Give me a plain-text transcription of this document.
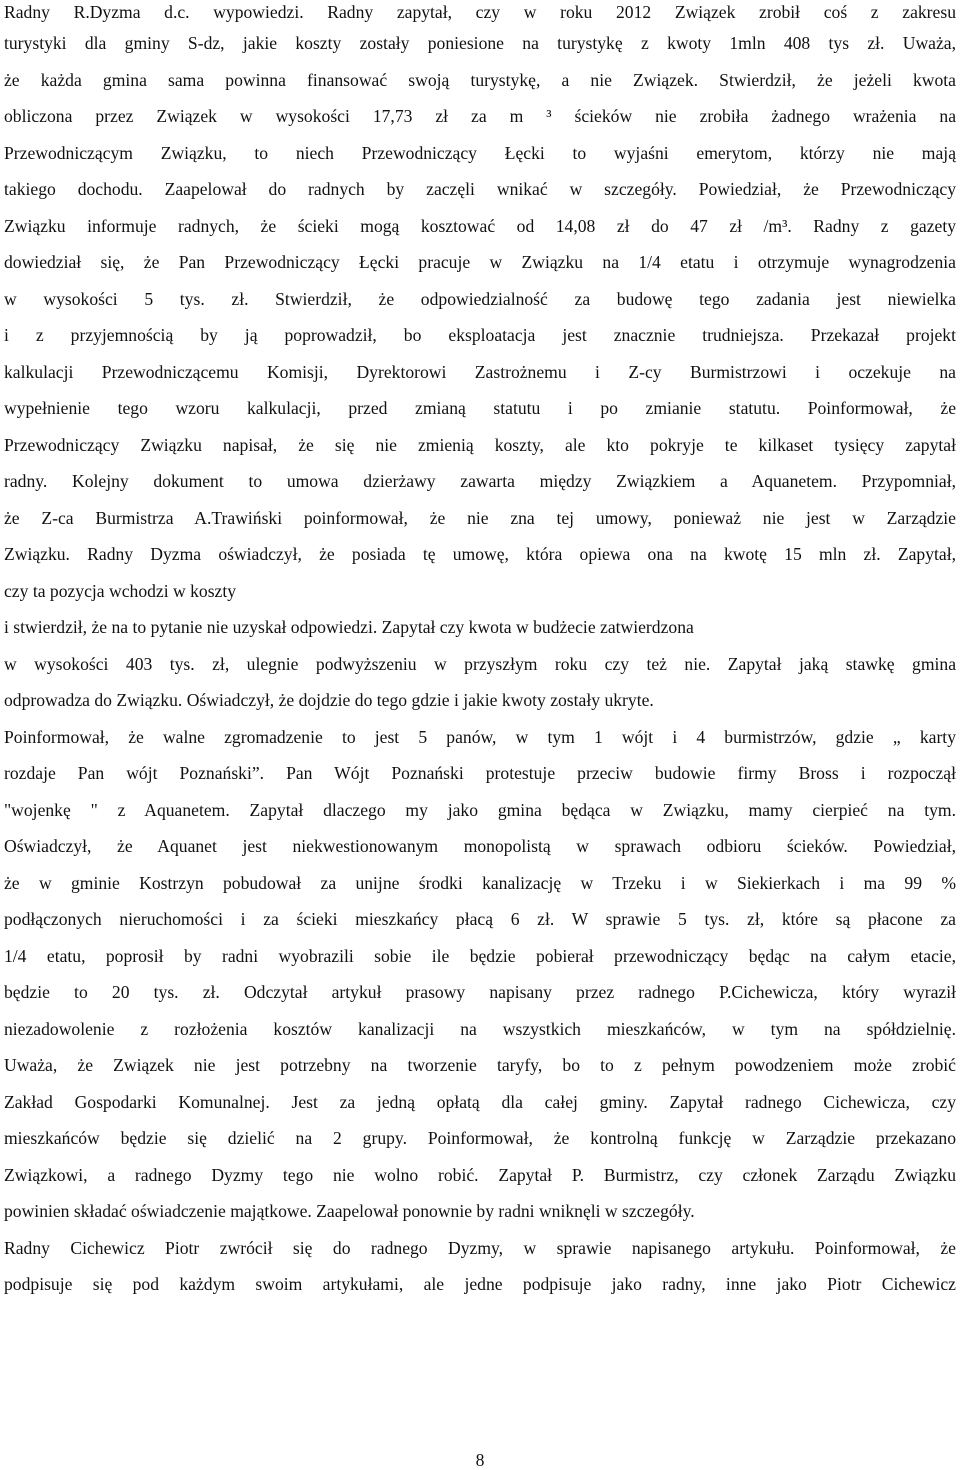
Radny R.Dyzma d.c. wypowiedzi. Radny zapytał, czy w roku 2012 Związek zrobił coś z zakresu
turystyki dla gminy S-dz, jakie koszty zostały poniesione na turystykę z kwoty 1mln 408 tys zł. Uważa,
że każda gmina sama powinna finansować swoją turystykę, a nie Związek. Stwierdził, że jeżeli kwota
obliczona przez Związek w wysokości 17,73 zł za m ³ ścieków nie zrobiła żadnego wrażenia na
Przewodniczącym Związku, to niech Przewodniczący Łęcki to wyjaśni emerytom, którzy nie mają
takiego dochodu. Zaapelował do radnych by zaczęli wnikać w szczegóły. Powiedział, że Przewodniczący
Związku informuje radnych, że ścieki mogą kosztować od 14,08 zł do 47 zł /m³. Radny z gazety
dowiedział się, że Pan Przewodniczący Łęcki pracuje w Związku na 1/4 etatu i otrzymuje wynagrodzenia
w wysokości 5 tys. zł. Stwierdził, że odpowiedzialność za budowę tego zadania jest niewielka
i z przyjemnością by ją poprowadził, bo eksploatacja jest znacznie trudniejsza. Przekazał projekt
kalkulacji Przewodniczącemu Komisji, Dyrektorowi Zastrożnemu i Z-cy Burmistrzowi i oczekuje na
wypełnienie tego wzoru kalkulacji, przed zmianą statutu i po zmianie statutu. Poinformował, że
Przewodniczący Związku napisał, że się nie zmienią koszty, ale kto pokryje te kilkaset tysięcy zapytał
radny. Kolejny dokument to umowa dzierżawy zawarta między Związkiem a Aquanetem. Przypomniał,
że Z-ca Burmistrza A.Trawiński poinformował, że nie zna tej umowy, ponieważ nie jest w Zarządzie
Związku. Radny Dyzma oświadczył, że posiada tę umowę, która opiewa ona na kwotę 15 mln zł. Zapytał,
czy ta pozycja wchodzi w koszty
i stwierdził, że na to pytanie nie uzyskał odpowiedzi. Zapytał czy kwota w budżecie zatwierdzona
w wysokości 403 tys. zł, ulegnie podwyższeniu w przyszłym roku czy też nie. Zapytał jaką stawkę gmina
odprowadza do Związku. Oświadczył, że dojdzie do tego gdzie i jakie kwoty zostały ukryte.
Poinformował, że walne zgromadzenie to jest 5 panów, w tym 1 wójt i 4 burmistrzów, gdzie „ karty
rozdaje Pan wójt Poznański”. Pan Wójt Poznański protestuje przeciw budowie firmy Bross i rozpoczął
"wojenkę " z Aquanetem. Zapytał dlaczego my jako gmina będąca w Związku, mamy cierpieć na tym.
Oświadczył, że Aquanet jest niekwestionowanym monopolistą w sprawach odbioru ścieków. Powiedział,
że w gminie Kostrzyn pobudował za unijne środki kanalizację w Trzeku i w Siekierkach i ma 99 %
podłączonych nieruchomości i za ścieki mieszkańcy płacą 6 zł. W sprawie 5 tys. zł, które są płacone za
1/4 etatu, poprosił by radni wyobrazili sobie ile będzie pobierał przewodniczący będąc na całym etacie,
będzie to 20 tys. zł. Odczytał artykuł prasowy napisany przez radnego P.Cichewicza, który wyraził
niezadowolenie z rozłożenia kosztów kanalizacji na wszystkich mieszkańców, w tym na spółdzielnię.
Uważa, że Związek nie jest potrzebny na tworzenie taryfy, bo to z pełnym powodzeniem może zrobić
Zakład Gospodarki Komunalnej. Jest za jedną opłatą dla całej gminy. Zapytał radnego Cichewicza, czy
mieszkańców będzie się dzielić na 2 grupy. Poinformował, że kontrolną funkcję w Zarządzie przekazano
Związkowi, a radnego Dyzmy tego nie wolno robić. Zapytał P. Burmistrz, czy członek Zarządu Związku
powinien składać oświadczenie majątkowe. Zaapelował ponownie by radni wniknęli w szczegóły.
Radny Cichewicz Piotr zwrócił się do radnego Dyzmy, w sprawie napisanego artykułu. Poinformował, że
podpisuje się pod każdym swoim artykułami, ale jedne podpisuje jako radny, inne jako Piotr Cichewicz
8
